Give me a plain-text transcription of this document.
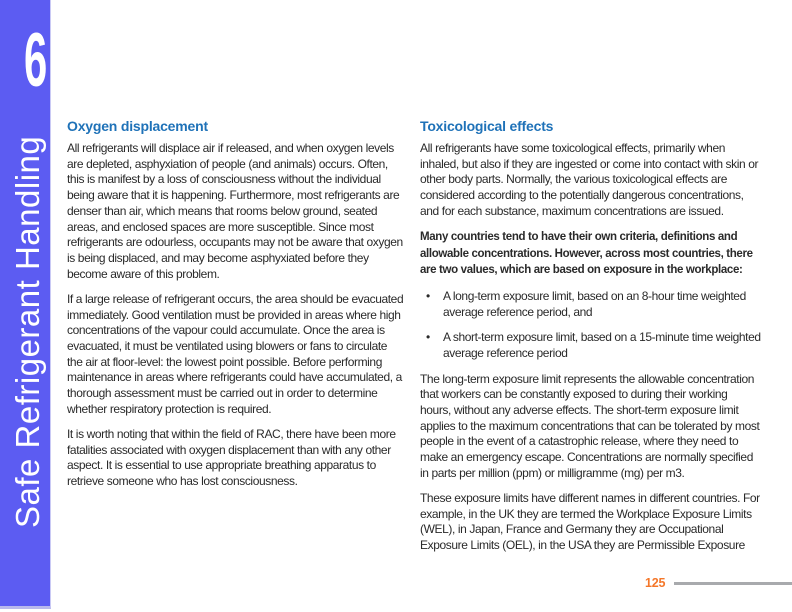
6
Safe Refrigerant Handling
Oxygen displacement

All refrigerants will displace air if released, and when oxygen levels are depleted, asphyxiation of people (and animals) occurs. Often, this is manifest by a loss of consciousness without the individual being aware that it is happening. Furthermore, most refrigerants are denser than air, which means that rooms below ground, seated areas, and enclosed spaces are more susceptible. Since most refrigerants are odourless, occupants may not be aware that oxygen is being displaced, and may become asphyxiated before they become aware of this problem.

If a large release of refrigerant occurs, the area should be evacuated immediately. Good ventilation must be provided in areas where high concentrations of the vapour could accumulate. Once the area is evacuated, it must be ventilated using blowers or fans to circulate the air at floor-level: the lowest point possible. Before performing maintenance in areas where refrigerants could have accumulated, a thorough assessment must be carried out in order to determine whether respiratory protection is required.

It is worth noting that within the field of RAC, there have been more fatalities associated with oxygen displacement than with any other aspect. It is essential to use appropriate breathing apparatus to retrieve someone who has lost consciousness.

Toxicological effects

All refrigerants have some toxicological effects, primarily when inhaled, but also if they are ingested or come into contact with skin or other body parts. Normally, the various toxicological effects are considered according to the potentially dangerous concentrations, and for each substance, maximum concentrations are issued.

Many countries tend to have their own criteria, definitions and allowable concentrations. However, across most countries, there are two values, which are based on exposure in the workplace:

•
A long-term exposure limit, based on an 8-hour time weighted average reference period, and
•
A short-term exposure limit, based on a 15-minute time weighted average reference period

The long-term exposure limit represents the allowable concentration that workers can be constantly exposed to during their working hours, without any adverse effects. The short-term exposure limit applies to the maximum concentrations that can be tolerated by most people in the event of a catastrophic release, where they need to make an emergency escape. Concentrations are normally specified in parts per million (ppm) or milligramme (mg) per m3.

These exposure limits have different names in different countries. For example, in the UK they are termed the Workplace Exposure Limits (WEL), in Japan, France and Germany they are Occupational Exposure Limits (OEL), in the USA they are Permissible Exposure

125
